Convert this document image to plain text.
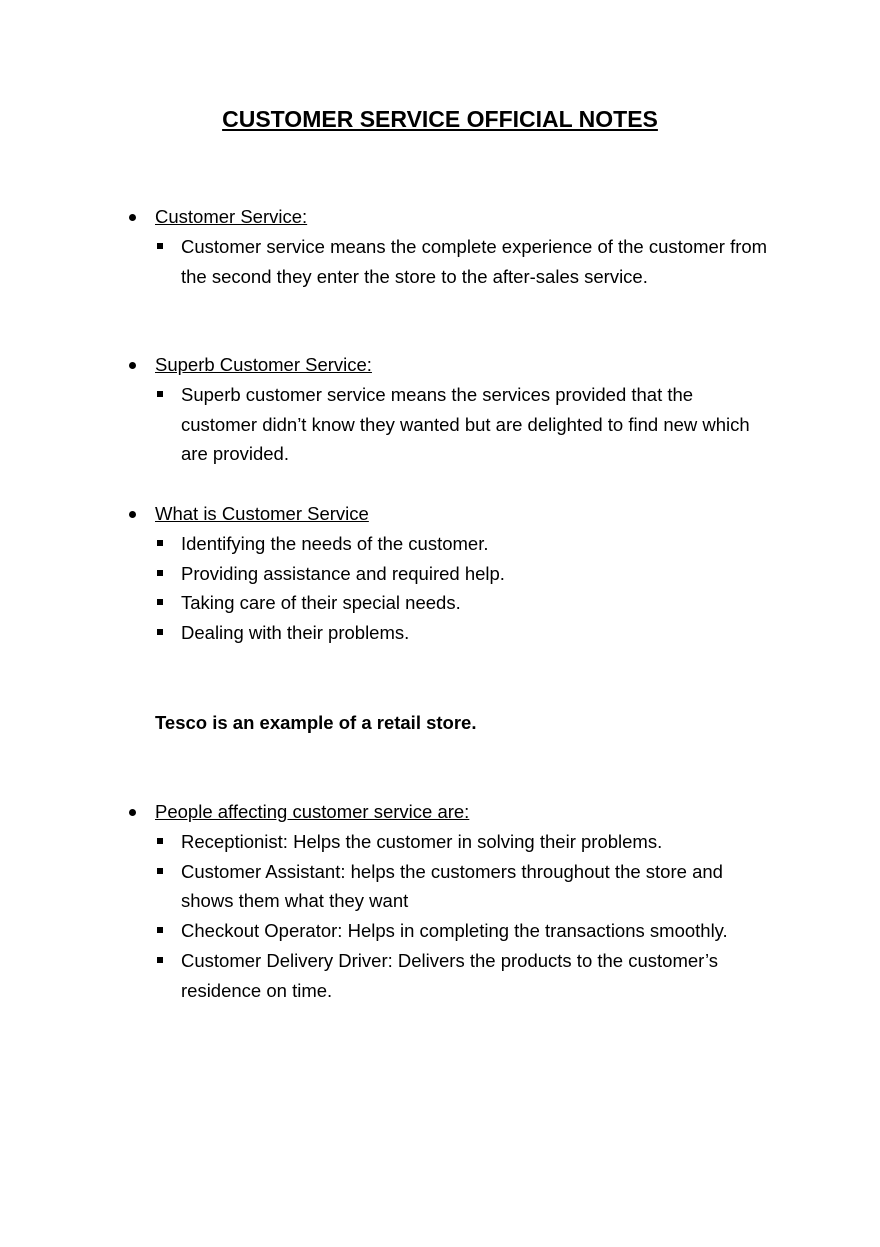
CUSTOMER SERVICE OFFICIAL NOTES
Customer Service:
Customer service means the complete experience of the customer from the second they enter the store to the after-sales service.
Superb Customer Service:
Superb customer service means the services provided that the customer didn’t know they wanted but are delighted to find new which are provided.
What is Customer Service
Identifying the needs of the customer.
Providing assistance and required help.
Taking care of their special needs.
Dealing with their problems.
Tesco is an example of a retail store.
People affecting customer service are:
Receptionist: Helps the customer in solving their problems.
Customer Assistant: helps the customers throughout the store and shows them what they want
Checkout Operator: Helps in completing the transactions smoothly.
Customer Delivery Driver: Delivers the products to the customer’s residence on time.
